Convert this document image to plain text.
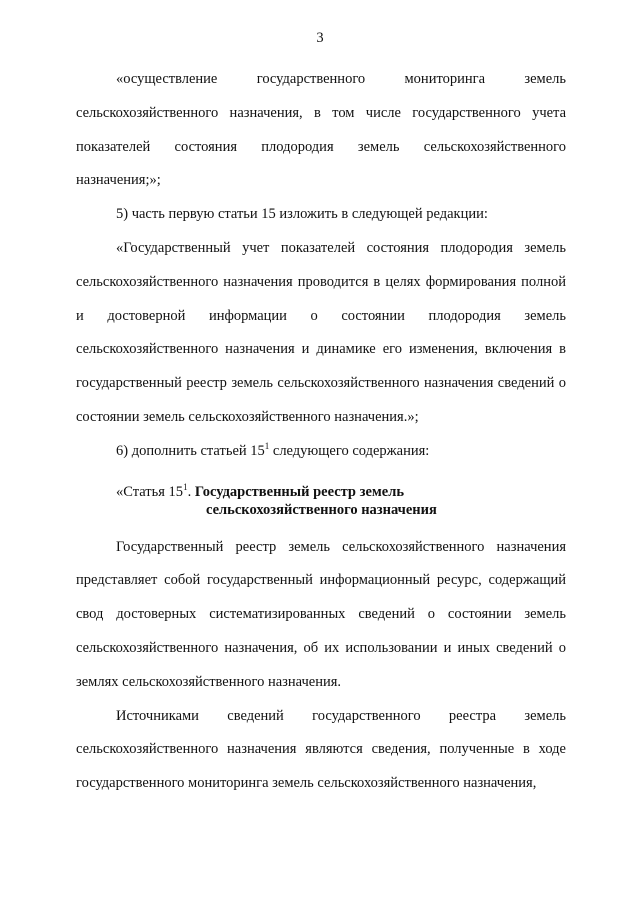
3

«осуществление государственного мониторинга земель сельскохозяйственного назначения, в том числе государственного учета показателей состояния плодородия земель сельскохозяйственного назначения;»;

5) часть первую статьи 15 изложить в следующей редакции:

«Государственный учет показателей состояния плодородия земель сельскохозяйственного назначения проводится в целях формирования полной и достоверной информации о состоянии плодородия земель сельскохозяйственного назначения и динамике его изменения, включения в государственный реестр земель сельскохозяйственного назначения сведений о состоянии земель сельскохозяйственного назначения.»;

6) дополнить статьей $15^1$ следующего содержания:

«Статья $15^1$. Государственный реестр земель
сельскохозяйственного назначения

Государственный реестр земель сельскохозяйственного назначения представляет собой государственный информационный ресурс, содержащий свод достоверных систематизированных сведений о состоянии земель сельскохозяйственного назначения, об их использовании и иных сведений о землях сельскохозяйственного назначения.

Источниками сведений государственного реестра земель сельскохозяйственного назначения являются сведения, полученные в ходе государственного мониторинга земель сельскохозяйственного назначения,
